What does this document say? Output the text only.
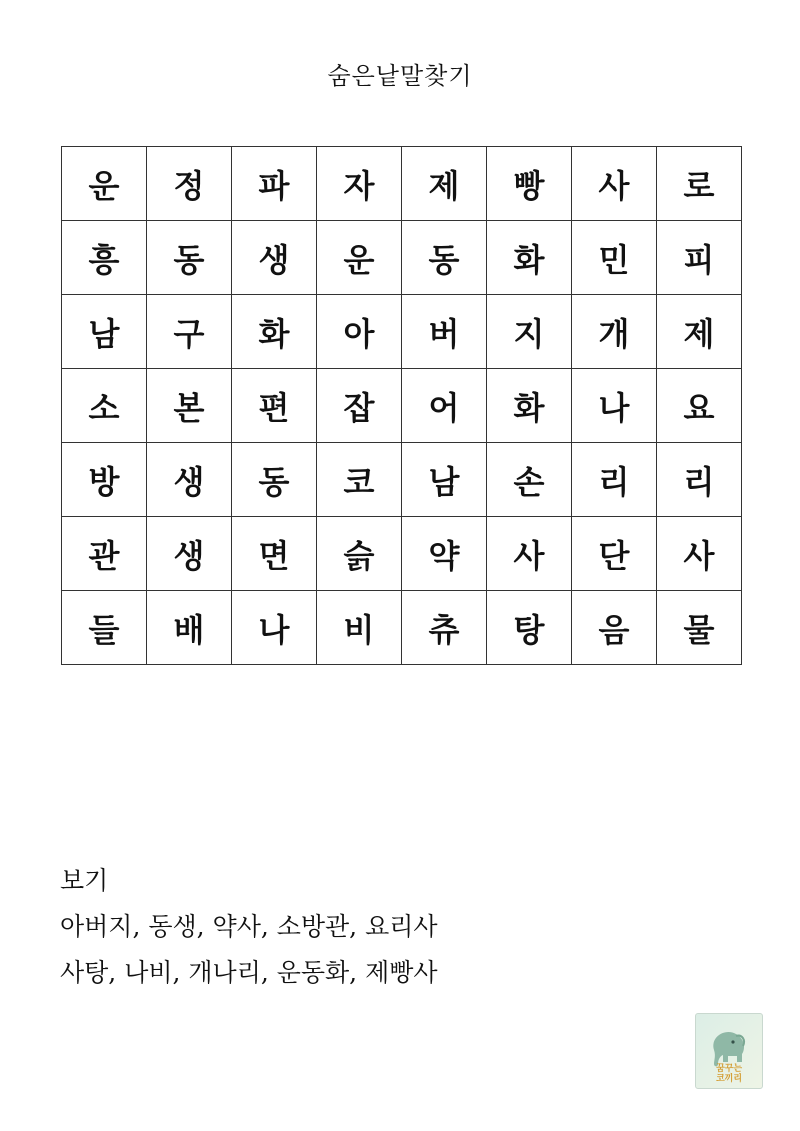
숨은낱말찾기
운	정	파	자	제	빵	사	로
흥	동	생	운	동	화	민	피
남	구	화	아	버	지	개	제
소	본	편	잡	어	화	나	요
방	생	동	코	남	손	리	리
관	생	면	슭	약	사	단	사
들	배	나	비	츄	탕	음	물
보기
아버지, 동생, 약사, 소방관, 요리사
사탕, 나비, 개나리, 운동화, 제빵사
꿈꾸는
코끼리
